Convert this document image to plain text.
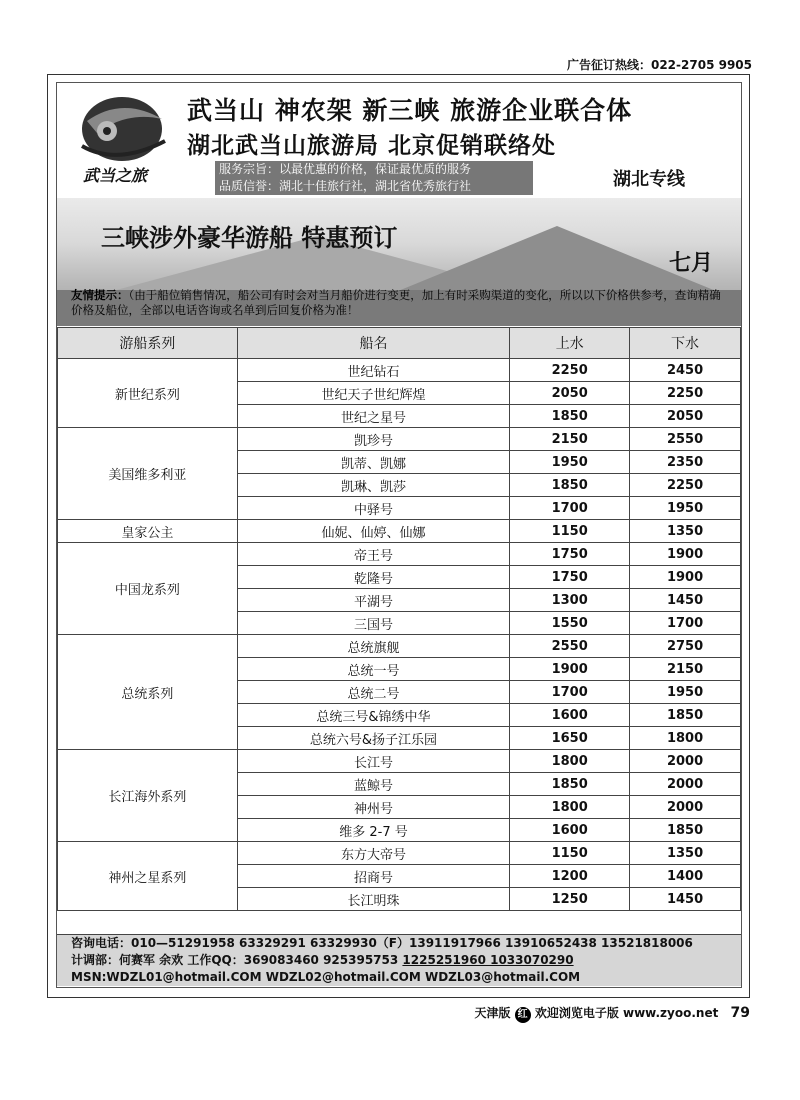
广告征订热线：022-2705 9905
武当之旅
武当山 神农架 新三峡 旅游企业联合体
湖北武当山旅游局 北京促销联络处
服务宗旨：以最优惠的价格，保证最优质的服务
品质信誉：湖北十佳旅行社，湖北省优秀旅行社	湖北专线
三峡涉外豪华游船 特惠预订
七月
友情提示：（由于船位销售情况，船公司有时会对当月船价进行变更，加上有时采购渠道的变化，所以以下价格供参考，查询精确价格及船位，全部以电话咨询或名单到后回复价格为准！
游船系列	船名	上水	下水
新世纪系列	世纪钻石	2250	2450
	世纪天子世纪辉煌	2050	2250
	世纪之星号	1850	2050
美国维多利亚	凯珍号	2150	2550
	凯蒂、凯娜	1950	2350
	凯琳、凯莎	1850	2250
	中驿号	1700	1950
皇家公主	仙妮、仙婷、仙娜	1150	1350
中国龙系列	帝王号	1750	1900
	乾隆号	1750	1900
	平湖号	1300	1450
	三国号	1550	1700
总统系列	总统旗舰	2550	2750
	总统一号	1900	2150
	总统二号	1700	1950
	总统三号&锦绣中华	1600	1850
	总统六号&扬子江乐园	1650	1800
长江海外系列	长江号	1800	2000
	蓝鲸号	1850	2000
	神州号	1800	2000
	维多 2-7 号	1600	1850
神州之星系列	东方大帝号	1150	1350
	招商号	1200	1400
	长江明珠	1250	1450
咨询电话：010—51291958 63329291 63329930（F）13911917966 13910652438 13521818006
计调部：何赛军 余欢 工作QQ：369083460 925395753 1225251960 1033070290
MSN:WDZL01@hotmail.COM WDZL02@hotmail.COM WDZL03@hotmail.COM
天津版 红 欢迎浏览电子版 www.zyoo.net 79
